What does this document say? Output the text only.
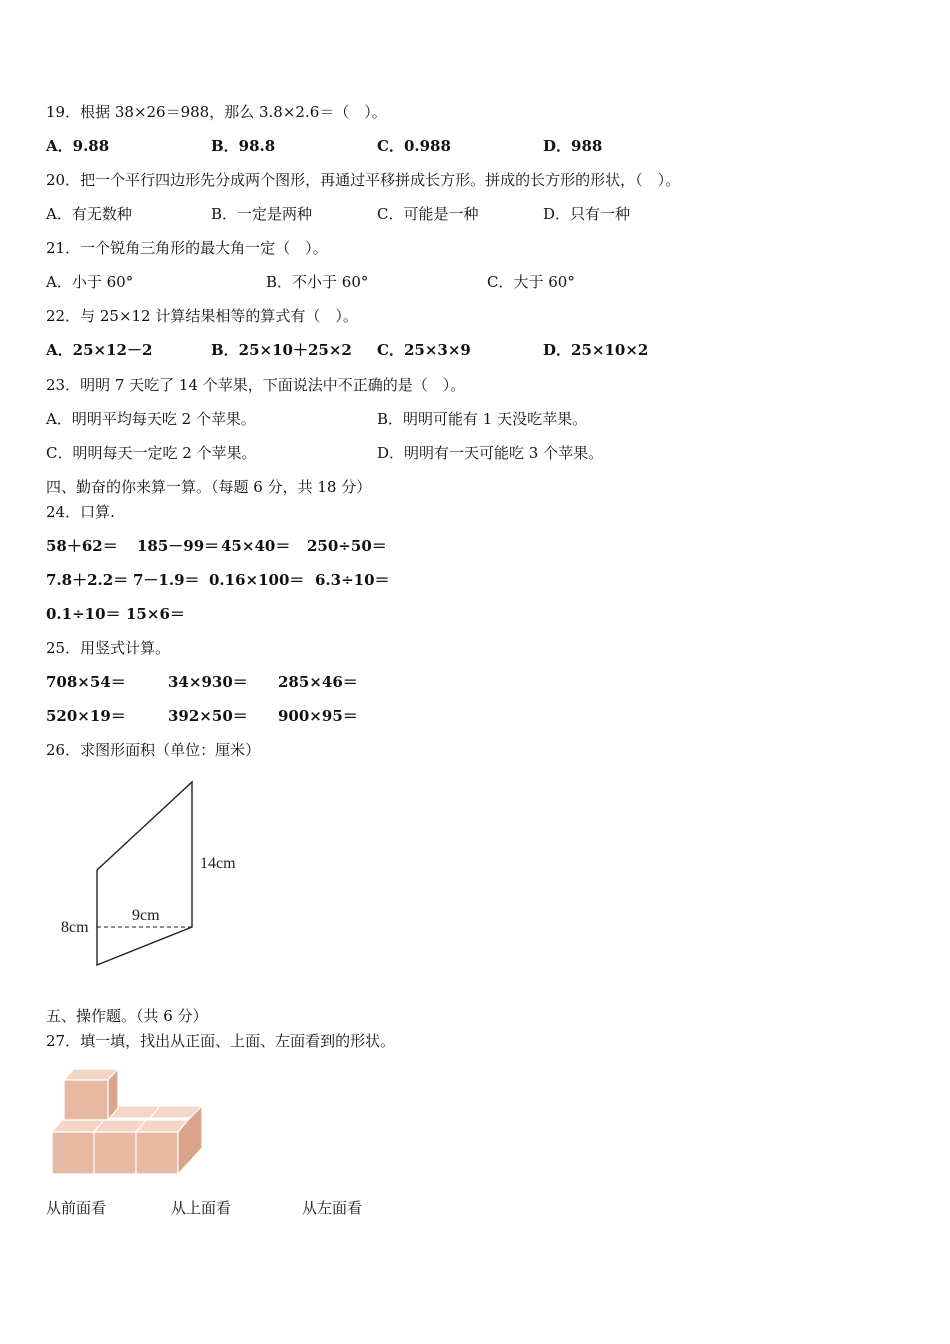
19．根据 38×26＝988，那么 3.8×2.6＝（　）。
A．9.88	B．98.8	C．0.988	D．988
20．把一个平行四边形先分成两个图形，再通过平移拼成长方形。拼成的长方形的形状，（　）。
A．有无数种	B．一定是两种	C．可能是一种	D．只有一种
21．一个锐角三角形的最大角一定（　）。
A．小于 60°	B．不小于 60°	C．大于 60°
22．与 25×12 计算结果相等的算式有（　）。
A．25×12－2	B．25×10＋25×2 C．25×3×9	D．25×10×2
23．明明 7 天吃了 14 个苹果，下面说法中不正确的是（　）。
A．明明平均每天吃 2 个苹果。	B．明明可能有 1 天没吃苹果。
C．明明每天一定吃 2 个苹果。	D．明明有一天可能吃 3 个苹果。
四、勤奋的你来算一算。（每题 6 分，共 18 分）
24．口算.
58＋62＝ 185－99＝ 45×40＝ 250÷50＝
7.8＋2.2＝ 7－1.9＝ 0.16×100＝ 6.3÷10＝
0.1÷10＝ 15×6＝
25．用竖式计算。
708×54＝	34×930＝ 285×46＝
520×19＝	392×50＝ 900×95＝
26．求图形面积（单位：厘米）
14cm
9cm
8cm
五、操作题。（共 6 分）
27．填一填，找出从正面、上面、左面看到的形状。
从前面看	从上面看	从左面看
